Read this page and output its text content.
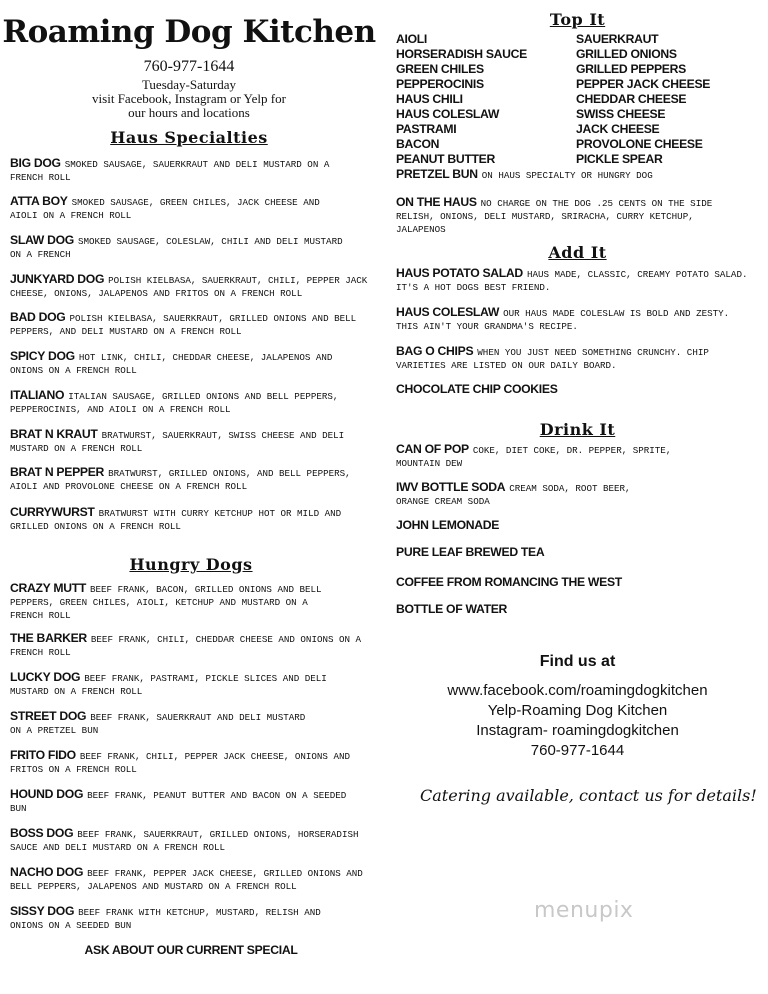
Roaming Dog Kitchen
760-977-1644
Tuesday-Saturday
visit Facebook, Instagram or Yelp for
our hours and locations
Haus Specialties
BIG DOG SMOKED SAUSAGE, SAUERKRAUT AND DELI MUSTARD ON A
FRENCH ROLL
ATTA BOY SMOKED SAUSAGE, GREEN CHILES, JACK CHEESE AND
AIOLI ON A FRENCH ROLL
SLAW DOG SMOKED SAUSAGE, COLESLAW, CHILI AND DELI MUSTARD
ON A FRENCH
JUNKYARD DOG POLISH KIELBASA, SAUERKRAUT, CHILI, PEPPER JACK
CHEESE, ONIONS, JALAPENOS AND FRITOS ON A FRENCH ROLL
BAD DOG POLISH KIELBASA, SAUERKRAUT, GRILLED ONIONS AND BELL
PEPPERS, AND DELI MUSTARD ON A FRENCH ROLL
SPICY DOG HOT LINK, CHILI, CHEDDAR CHEESE, JALAPENOS AND
ONIONS ON A FRENCH ROLL
ITALIANO ITALIAN SAUSAGE, GRILLED ONIONS AND BELL PEPPERS,
PEPPEROCINIS, AND AIOLI ON A FRENCH ROLL
BRAT N KRAUT BRATWURST, SAUERKRAUT, SWISS CHEESE AND DELI
MUSTARD ON A FRENCH ROLL
BRAT N PEPPER BRATWURST, GRILLED ONIONS, AND BELL PEPPERS,
AIOLI AND PROVOLONE CHEESE ON A FRENCH ROLL
CURRYWURST BRATWURST WITH CURRY KETCHUP HOT OR MILD AND
GRILLED ONIONS ON A FRENCH ROLL
Hungry Dogs
CRAZY MUTT BEEF FRANK, BACON, GRILLED ONIONS AND BELL
PEPPERS, GREEN CHILES, AIOLI, KETCHUP AND MUSTARD ON A
FRENCH ROLL
THE BARKER BEEF FRANK, CHILI, CHEDDAR CHEESE AND ONIONS ON A
FRENCH ROLL
LUCKY DOG BEEF FRANK, PASTRAMI, PICKLE SLICES AND DELI
MUSTARD ON A FRENCH ROLL
STREET DOG BEEF FRANK, SAUERKRAUT AND DELI MUSTARD
ON A PRETZEL BUN
FRITO FIDO BEEF FRANK, CHILI, PEPPER JACK CHEESE, ONIONS AND
FRITOS ON A FRENCH ROLL
HOUND DOG BEEF FRANK, PEANUT BUTTER AND BACON ON A SEEDED
BUN
BOSS DOG BEEF FRANK, SAUERKRAUT, GRILLED ONIONS, HORSERADISH
SAUCE AND DELI MUSTARD ON A FRENCH ROLL
NACHO DOG BEEF FRANK, PEPPER JACK CHEESE, GRILLED ONIONS AND
BELL PEPPERS, JALAPENOS AND MUSTARD ON A FRENCH ROLL
SISSY DOG BEEF FRANK WITH KETCHUP, MUSTARD, RELISH AND
ONIONS ON A SEEDED BUN
ASK ABOUT OUR CURRENT SPECIAL
Top It
AIOLI
HORSERADISH SAUCE
GREEN CHILES
PEPPEROCINIS
HAUS CHILI
HAUS COLESLAW
PASTRAMI
BACON
PEANUT BUTTER
SAUERKRAUT
GRILLED ONIONS
GRILLED PEPPERS
PEPPER JACK CHEESE
CHEDDAR CHEESE
SWISS CHEESE
JACK CHEESE
PROVOLONE CHEESE
PICKLE SPEAR
PRETZEL BUN ON HAUS SPECIALTY OR HUNGRY DOG
ON THE HAUS NO CHARGE ON THE DOG .25 CENTS ON THE SIDE
RELISH, ONIONS, DELI MUSTARD, SRIRACHA, CURRY KETCHUP,
JALAPENOS
Add It
HAUS POTATO SALAD HAUS MADE, CLASSIC, CREAMY POTATO SALAD.
IT'S A HOT DOGS BEST FRIEND.
HAUS COLESLAW OUR HAUS MADE COLESLAW IS BOLD AND ZESTY.
THIS AIN'T YOUR GRANDMA'S RECIPE.
BAG O CHIPS WHEN YOU JUST NEED SOMETHING CRUNCHY. CHIP
VARIETIES ARE LISTED ON OUR DAILY BOARD.
CHOCOLATE CHIP COOKIES
Drink It
CAN OF POP COKE, DIET COKE, DR. PEPPER, SPRITE,
MOUNTAIN DEW
IWV BOTTLE SODA CREAM SODA, ROOT BEER,
ORANGE CREAM SODA
JOHN LEMONADE
PURE LEAF BREWED TEA
COFFEE FROM ROMANCING THE WEST
BOTTLE OF WATER
Find us at
www.facebook.com/roamingdogkitchen
Yelp-Roaming Dog Kitchen
Instagram- roamingdogkitchen
760-977-1644
Catering available, contact us for details!
menupix
